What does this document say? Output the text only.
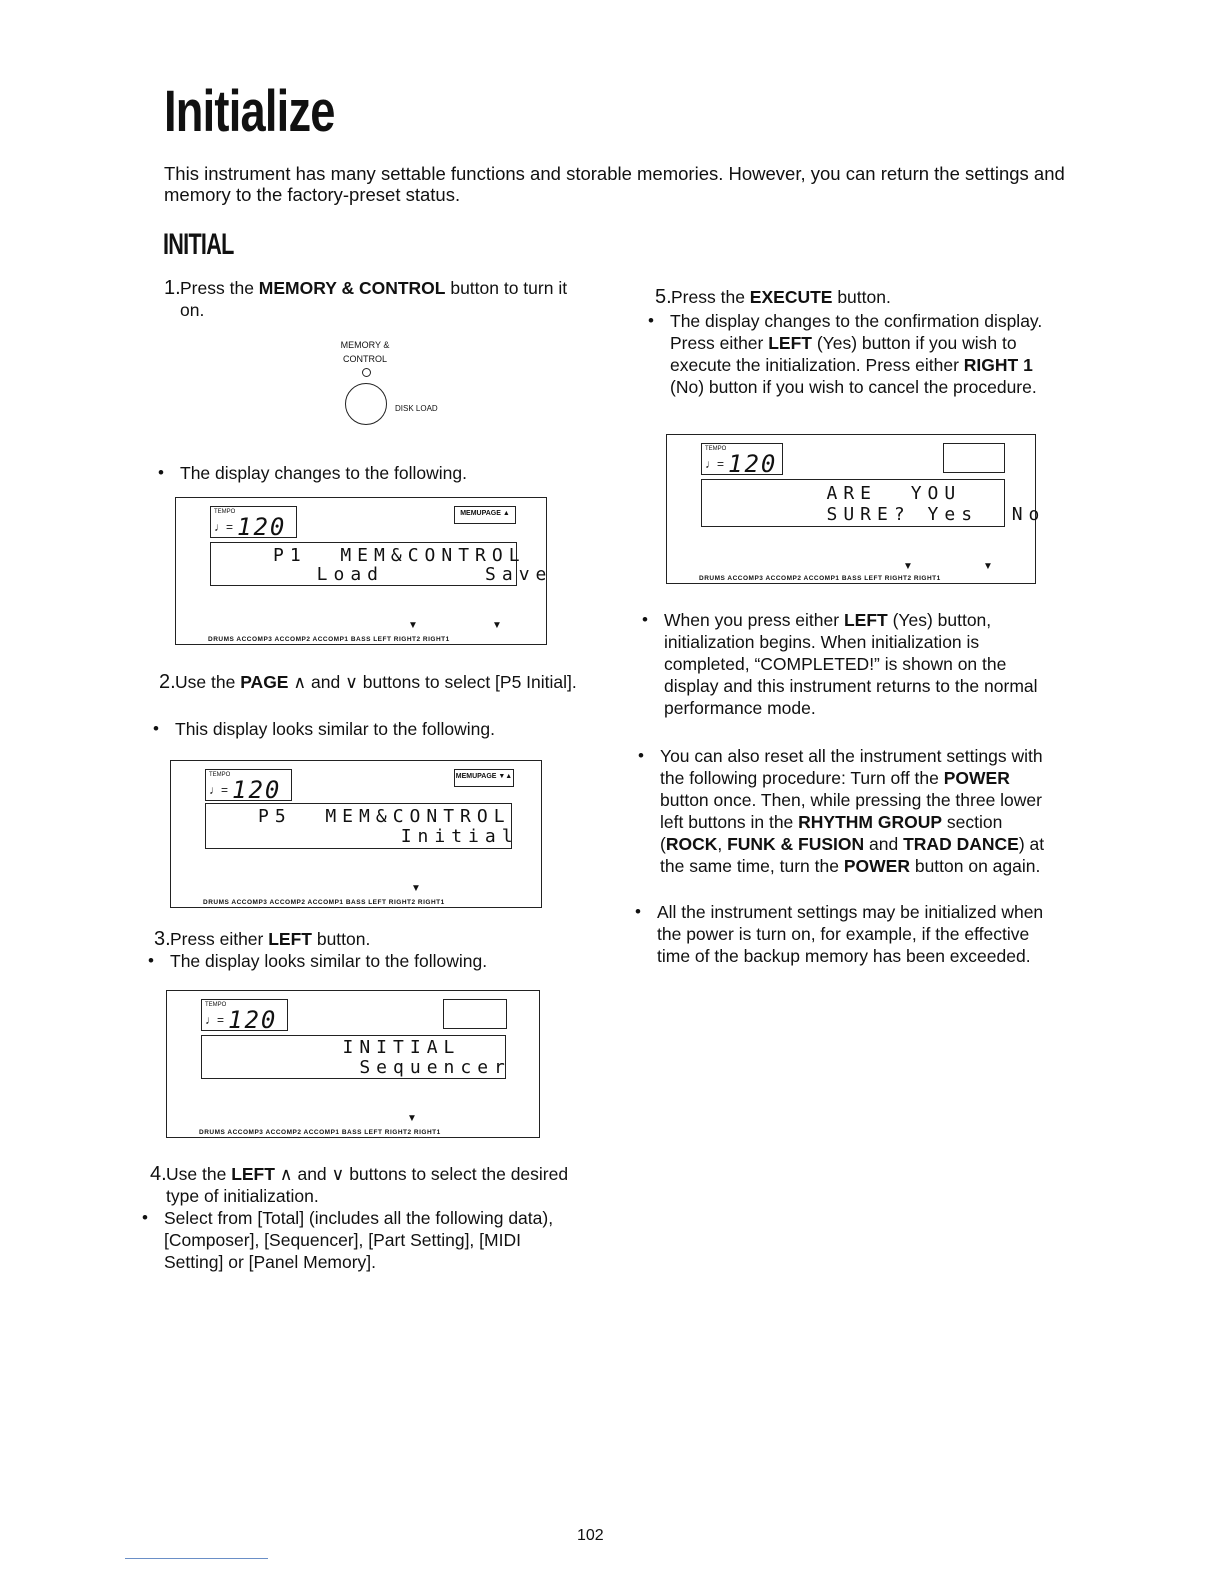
Initialize
This instrument has many settable functions and storable memories. However, you can return the settings and memory to the factory-preset status.
INITIAL
1. Press the MEMORY & CONTROL button to turn it on.
MEMORY &
CONTROL
DISK LOAD
• The display changes to the following.
TEMPO
♩= 120	MEMUPAGE ▲
P1  MEM&CONTROL
Load      Save
▼	▼
DRUMS ACCOMP3 ACCOMP2 ACCOMP1 BASS LEFT RIGHT2 RIGHT1
2. Use the PAGE ∧ and ∨ buttons to select [P5 Initial].
• This display looks similar to the following.
TEMPO
♩= 120	MEMUPAGE ▼▲
P5  MEM&CONTROL
Initial
▼
DRUMS ACCOMP3 ACCOMP2 ACCOMP1 BASS LEFT RIGHT2 RIGHT1
3. Press either LEFT button.
• The display looks similar to the following.
TEMPO
♩= 120
INITIAL
Sequencer
▼
DRUMS ACCOMP3 ACCOMP2 ACCOMP1 BASS LEFT RIGHT2 RIGHT1
4. Use the LEFT ∧ and ∨ buttons to select the desired type of initialization.
• Select from [Total] (includes all the following data), [Composer], [Sequencer], [Part Setting], [MIDI Setting] or [Panel Memory].
5. Press the EXECUTE button.
• The display changes to the confirmation display. Press either LEFT (Yes) button if you wish to execute the initialization. Press either RIGHT 1 (No) button if you wish to cancel the procedure.
TEMPO
♩= 120
ARE  YOU
SURE? Yes  No
▼	▼
DRUMS ACCOMP3 ACCOMP2 ACCOMP1 BASS LEFT RIGHT2 RIGHT1
• When you press either LEFT (Yes) button, initialization begins. When initialization is completed, “COMPLETED!” is shown on the display and this instrument returns to the normal performance mode.
• You can also reset all the instrument settings with the following procedure: Turn off the POWER button once. Then, while pressing the three lower left buttons in the RHYTHM GROUP section (ROCK, FUNK & FUSION and TRAD DANCE) at the same time, turn the POWER button on again.
• All the instrument settings may be initialized when the power is turn on, for example, if the effective time of the backup memory has been exceeded.
102
